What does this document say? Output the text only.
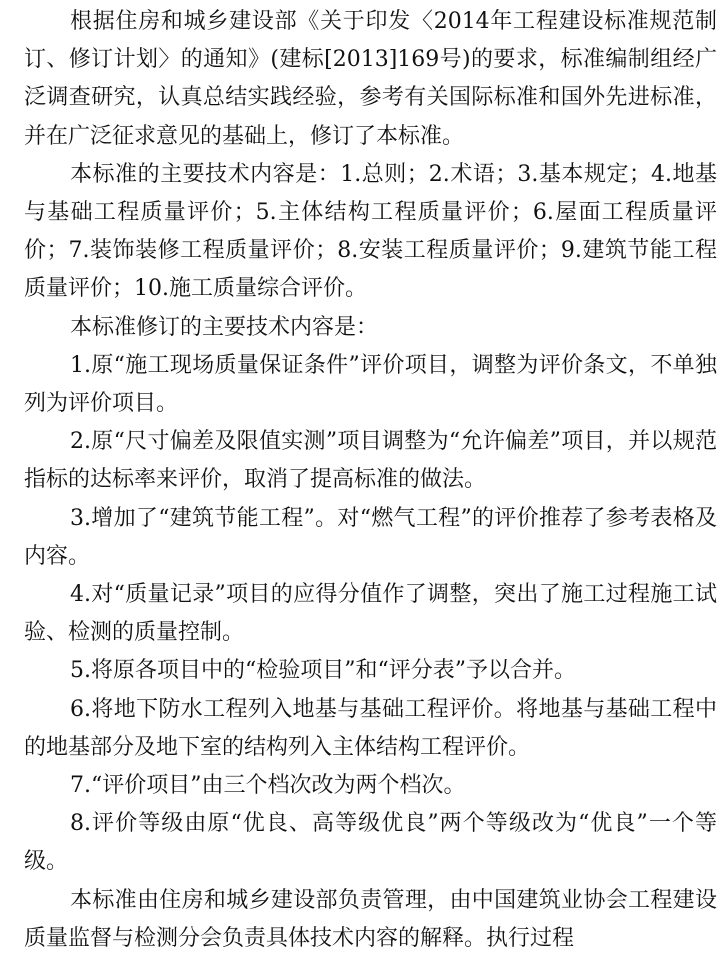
根据住房和城乡建设部《关于印发〈2014年工程建设标准规范制订、修订计划〉的通知》(建标[2013]169号)的要求，标准编制组经广泛调查研究，认真总结实践经验，参考有关国际标准和国外先进标准，并在广泛征求意见的基础上，修订了本标准。

本标准的主要技术内容是：1.总则；2.术语；3.基本规定；4.地基与基础工程质量评价；5.主体结构工程质量评价；6.屋面工程质量评价；7.装饰装修工程质量评价；8.安装工程质量评价；9.建筑节能工程质量评价；10.施工质量综合评价。

本标准修订的主要技术内容是：

1.原“施工现场质量保证条件”评价项目，调整为评价条文，不单独列为评价项目。

2.原“尺寸偏差及限值实测”项目调整为“允许偏差”项目，并以规范指标的达标率来评价，取消了提高标准的做法。

3.增加了“建筑节能工程”。对“燃气工程”的评价推荐了参考表格及内容。

4.对“质量记录”项目的应得分值作了调整，突出了施工过程施工试验、检测的质量控制。

5.将原各项目中的“检验项目”和“评分表”予以合并。

6.将地下防水工程列入地基与基础工程评价。将地基与基础工程中的地基部分及地下室的结构列入主体结构工程评价。

7.“评价项目”由三个档次改为两个档次。

8.评价等级由原“优良、高等级优良”两个等级改为“优良”一个等级。

本标准由住房和城乡建设部负责管理，由中国建筑业协会工程建设质量监督与检测分会负责具体技术内容的解释。执行过程
